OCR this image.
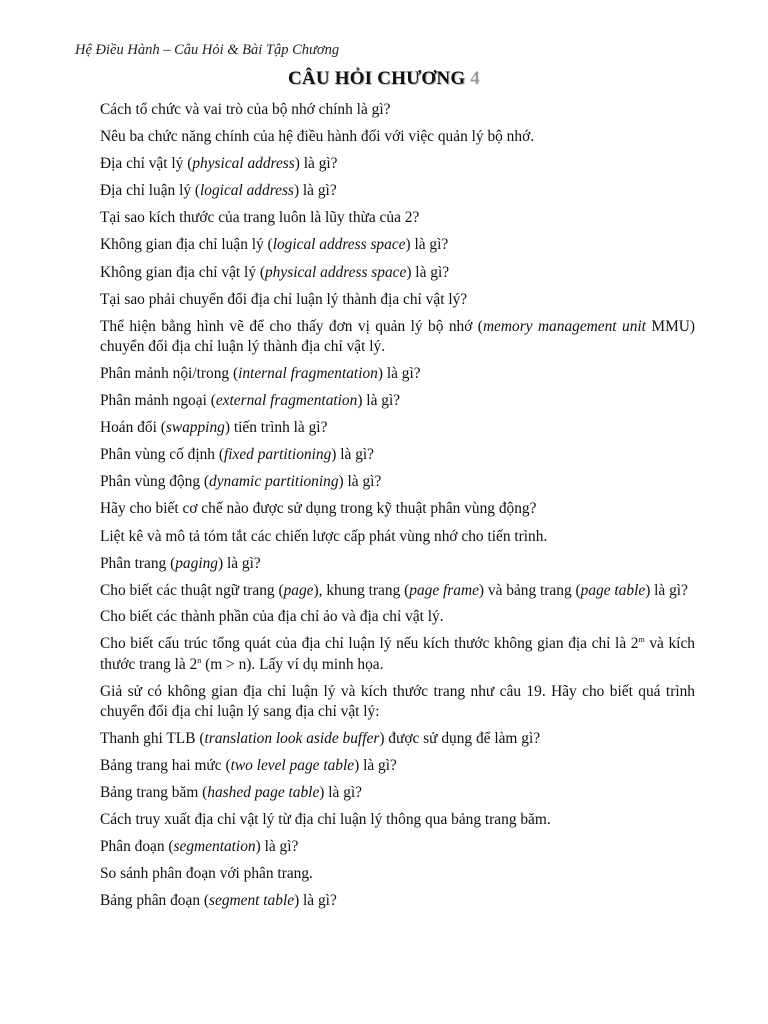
Hệ Điều Hành – Câu Hỏi & Bài Tập Chương
CÂU HỎI CHƯƠNG 4
Cách tổ chức và vai trò của bộ nhớ chính là gì?
Nêu ba chức năng chính của hệ điều hành đối với việc quản lý bộ nhớ.
Địa chỉ vật lý (physical address) là gì?
Địa chỉ luận lý (logical address) là gì?
Tại sao kích thước của trang luôn là lũy thừa của 2?
Không gian địa chỉ luận lý (logical address space) là gì?
Không gian địa chỉ vật lý (physical address space) là gì?
Tại sao phải chuyển đổi địa chỉ luận lý thành địa chỉ vật lý?
Thể hiện bằng hình vẽ để cho thấy đơn vị quản lý bộ nhớ (memory management unit MMU) chuyển đổi địa chỉ luận lý thành địa chỉ vật lý.
Phân mảnh nội/trong (internal fragmentation) là gì?
Phân mảnh ngoại (external fragmentation) là gì?
Hoán đổi (swapping) tiến trình là gì?
Phân vùng cố định (fixed partitioning) là gì?
Phân vùng động (dynamic partitioning) là gì?
Hãy cho biết cơ chế nào được sử dụng trong kỹ thuật phân vùng động?
Liệt kê và mô tả tóm tắt các chiến lược cấp phát vùng nhớ cho tiến trình.
Phân trang (paging) là gì?
Cho biết các thuật ngữ trang (page), khung trang (page frame) và bảng trang (page table) là gì?
Cho biết các thành phần của địa chỉ ảo và địa chỉ vật lý.
Cho biết cấu trúc tổng quát của địa chỉ luận lý nếu kích thước không gian địa chỉ là 2$^m$ và kích thước trang là 2$^n$ (m > n). Lấy ví dụ minh họa.
Giả sử có không gian địa chỉ luận lý và kích thước trang như câu 19. Hãy cho biết quá trình chuyển đổi địa chỉ luận lý sang địa chỉ vật lý:
Thanh ghi TLB (translation look aside buffer) được sử dụng để làm gì?
Bảng trang hai mức (two level page table) là gì?
Bảng trang băm (hashed page table) là gì?
Cách truy xuất địa chỉ vật lý từ địa chỉ luận lý thông qua bảng trang băm.
Phân đoạn (segmentation) là gì?
So sánh phân đoạn với phân trang.
Bảng phân đoạn (segment table) là gì?
